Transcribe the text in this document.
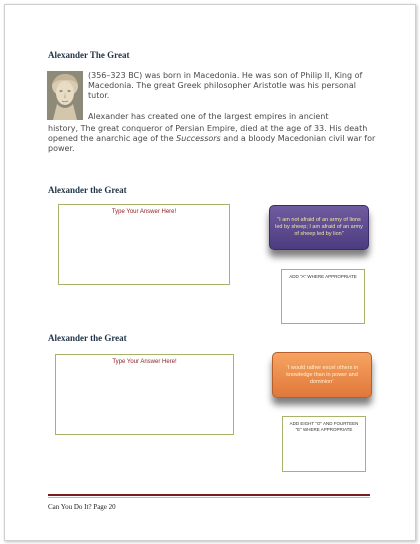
Alexander The Great

(356–323 BC) was born in Macedonia. He was son of Philip II, King of Macedonia. The great Greek philosopher Aristotle was his personal tutor.

Alexander has created one of the largest empires in ancient

history, The great conqueror of Persian Empire, died at the age of 33. His death opened the anarchic age of the Successors and a bloody Macedonian civil war for power.

Alexander the Great
Type Your Answer Here!
"I am not afraid of an army of lions led by sheep; I am afraid of an army of sheep led by lion"
ADD "A" WHERE APPROPRIATE
Alexander the Great
Type Your Answer Here!
"I would rather excel others in knowledge than in power and dominion"
ADD EIGHT "O" AND FOURTEEN "E" WHERE APPROPRIATE
Can You Do It? Page 20
